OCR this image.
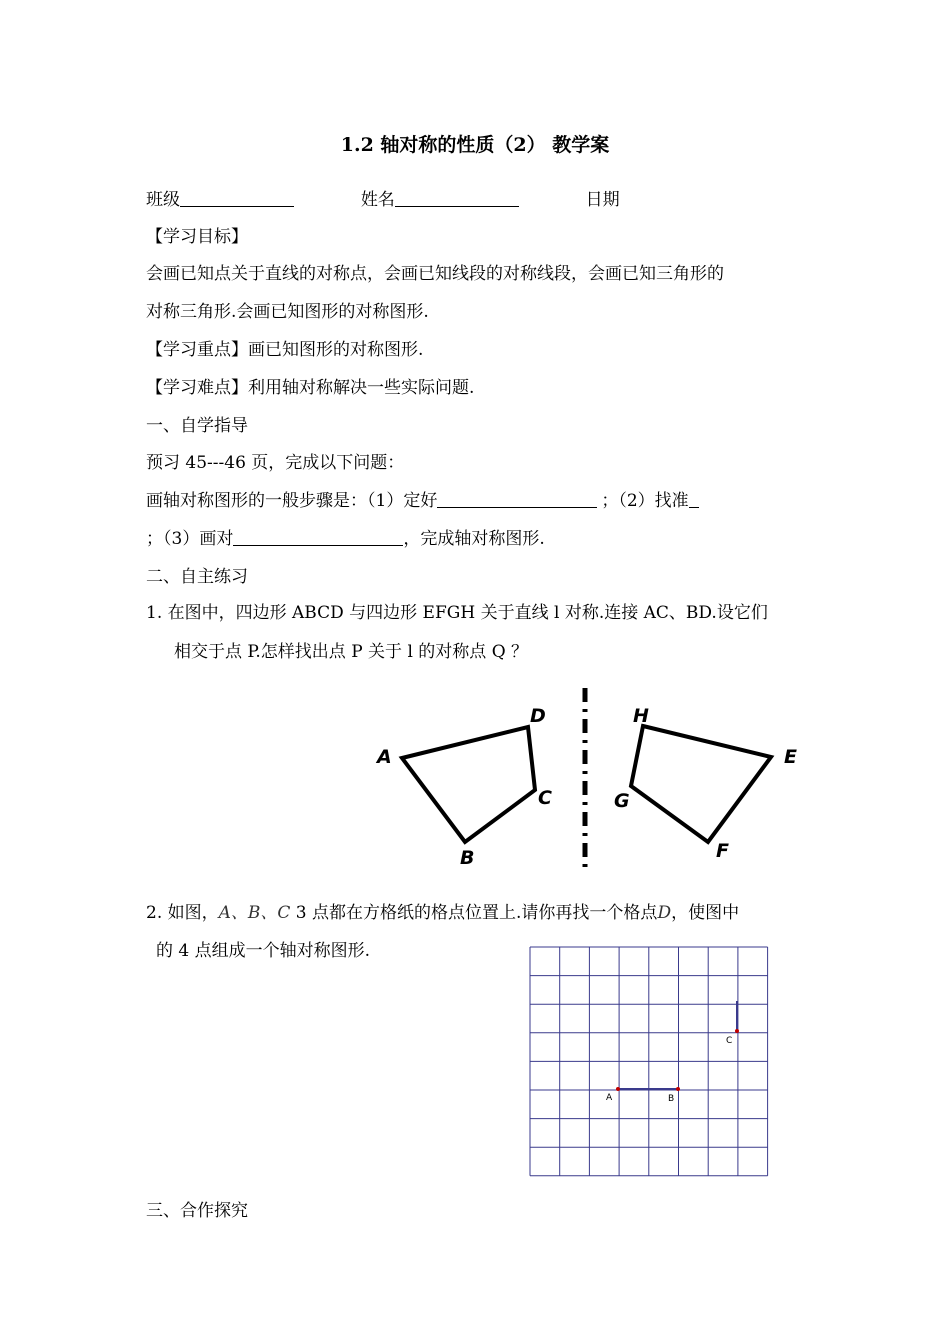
1.2 轴对称的性质（2） 教学案
班级	姓名	日期
【学习目标】
会画已知点关于直线的对称点，会画已知线段的对称线段，会画已知三角形的
对称三角形.会画已知图形的对称图形.
【学习重点】画已知图形的对称图形.
【学习难点】利用轴对称解决一些实际问题.
一、自学指导
预习 45---46 页，完成以下问题：
画轴对称图形的一般步骤是：（1）定好	；（2）找准
；（3）画对	，完成轴对称图形.
二、自主练习
1. 在图中，四边形 ABCD 与四边形 EFGH 关于直线 l 对称.连接 AC、BD.设它们
相交于点 P.怎样找出点 P 关于 l 的对称点 Q ？
A
B
C
D
E
F
G
H
2. 如图，A、B、C 3 点都在方格纸的格点位置上.请你再找一个格点D，使图中
的 4 点组成一个轴对称图形.
A	B
C
三、合作探究
